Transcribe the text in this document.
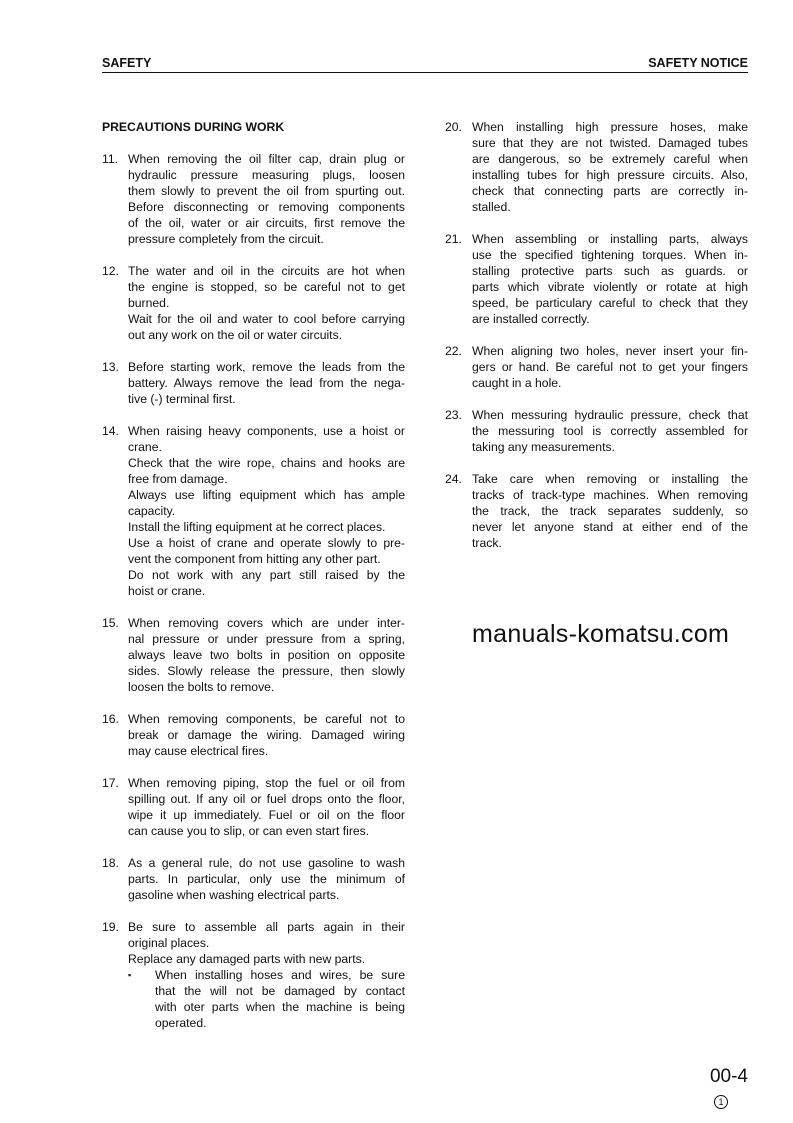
SAFETY	SAFETY NOTICE
PRECAUTIONS DURING WORK
11. When removing the oil filter cap, drain plug or
hydraulic pressure measuring plugs, loosen
them slowly to prevent the oil from spurting out.
Before disconnecting or removing components
of the oil, water or air circuits, first remove the
pressure completely from the circuit.
12. The water and oil in the circuits are hot when
the engine is stopped, so be careful not to get
burned.
Wait for the oil and water to cool before carrying
out any work on the oil or water circuits.
13. Before starting work, remove the leads from the
battery. Always remove the lead from the nega-
tive (-) terminal first.
14. When raising heavy components, use a hoist or
crane.
Check that the wire rope, chains and hooks are
free from damage.
Always use lifting equipment which has ample
capacity.
Install the lifting equipment at he correct places.
Use a hoist of crane and operate slowly to pre-
vent the component from hitting any other part.
Do not work with any part still raised by the
hoist or crane.
15. When removing covers which are under inter-
nal pressure or under pressure from a spring,
always leave two bolts in position on opposite
sides. Slowly release the pressure, then slowly
loosen the bolts to remove.
16. When removing components, be careful not to
break or damage the wiring. Damaged wiring
may cause electrical fires.
17. When removing piping, stop the fuel or oil from
spilling out. If any oil or fuel drops onto the floor,
wipe it up immediately. Fuel or oil on the floor
can cause you to slip, or can even start fires.
18. As a general rule, do not use gasoline to wash
parts. In particular, only use the minimum of
gasoline when washing electrical parts.
19. Be sure to assemble all parts again in their
original places.
Replace any damaged parts with new parts.
▪ When installing hoses and wires, be sure
that the will not be damaged by contact
with oter parts when the machine is being
operated.
20. When installing high pressure hoses, make
sure that they are not twisted. Damaged tubes
are dangerous, so be extremely careful when
installing tubes for high pressure circuits. Also,
check that connecting parts are correctly in-
stalled.
21. When assembling or installing parts, always
use the specified tightening torques. When in-
stalling protective parts such as guards. or
parts which vibrate violently or rotate at high
speed, be particulary careful to check that they
are installed correctly.
22. When aligning two holes, never insert your fin-
gers or hand. Be careful not to get your fingers
caught in a hole.
23. When messuring hydraulic pressure, check that
the messuring tool is correctly assembled for
taking any measurements.
24. Take care when removing or installing the
tracks of track-type machines. When removing
the track, the track separates suddenly, so
never let anyone stand at either end of the
track.
manuals-komatsu.com
00-4
1
